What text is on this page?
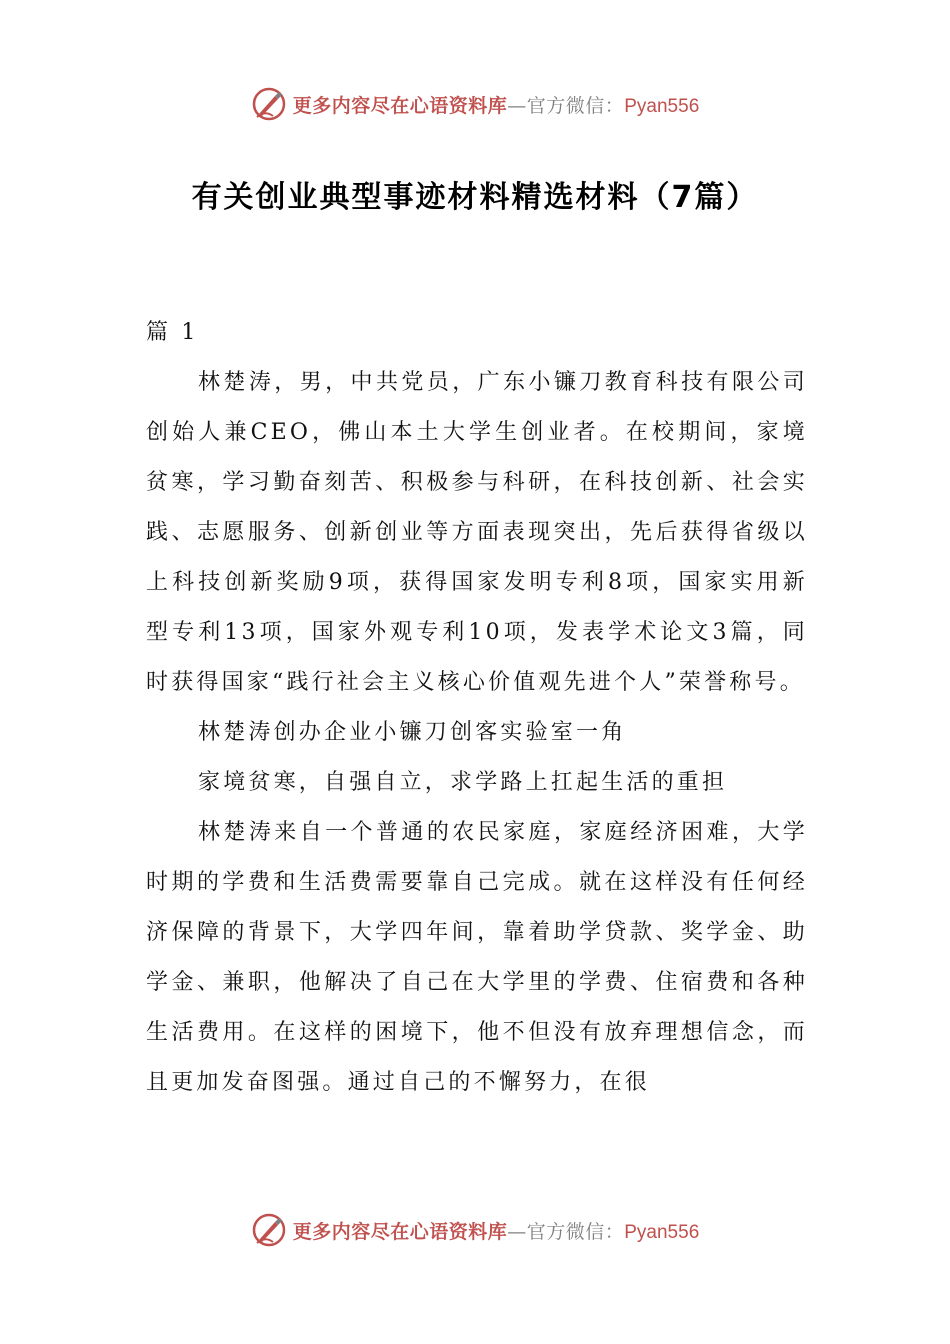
更多内容尽在心语资料库—官方微信：Pyan556
有关创业典型事迹材料精选材料（7篇）

篇 1

林楚涛，男，中共党员，广东小镰刀教育科技有限公司创始人兼CEO，佛山本土大学生创业者。在校期间，家境贫寒，学习勤奋刻苦、积极参与科研，在科技创新、社会实践、志愿服务、创新创业等方面表现突出，先后获得省级以上科技创新奖励9项，获得国家发明专利8项，国家实用新型专利13项，国家外观专利10项，发表学术论文3篇，同时获得国家“践行社会主义核心价值观先进个人”荣誉称号。

林楚涛创办企业小镰刀创客实验室一角

家境贫寒，自强自立，求学路上扛起生活的重担

林楚涛来自一个普通的农民家庭，家庭经济困难，大学时期的学费和生活费需要靠自己完成。就在这样没有任何经济保障的背景下，大学四年间，靠着助学贷款、奖学金、助学金、兼职，他解决了自己在大学里的学费、住宿费和各种生活费用。在这样的困境下，他不但没有放弃理想信念，而且更加发奋图强。通过自己的不懈努力，在很

更多内容尽在心语资料库—官方微信：Pyan556
